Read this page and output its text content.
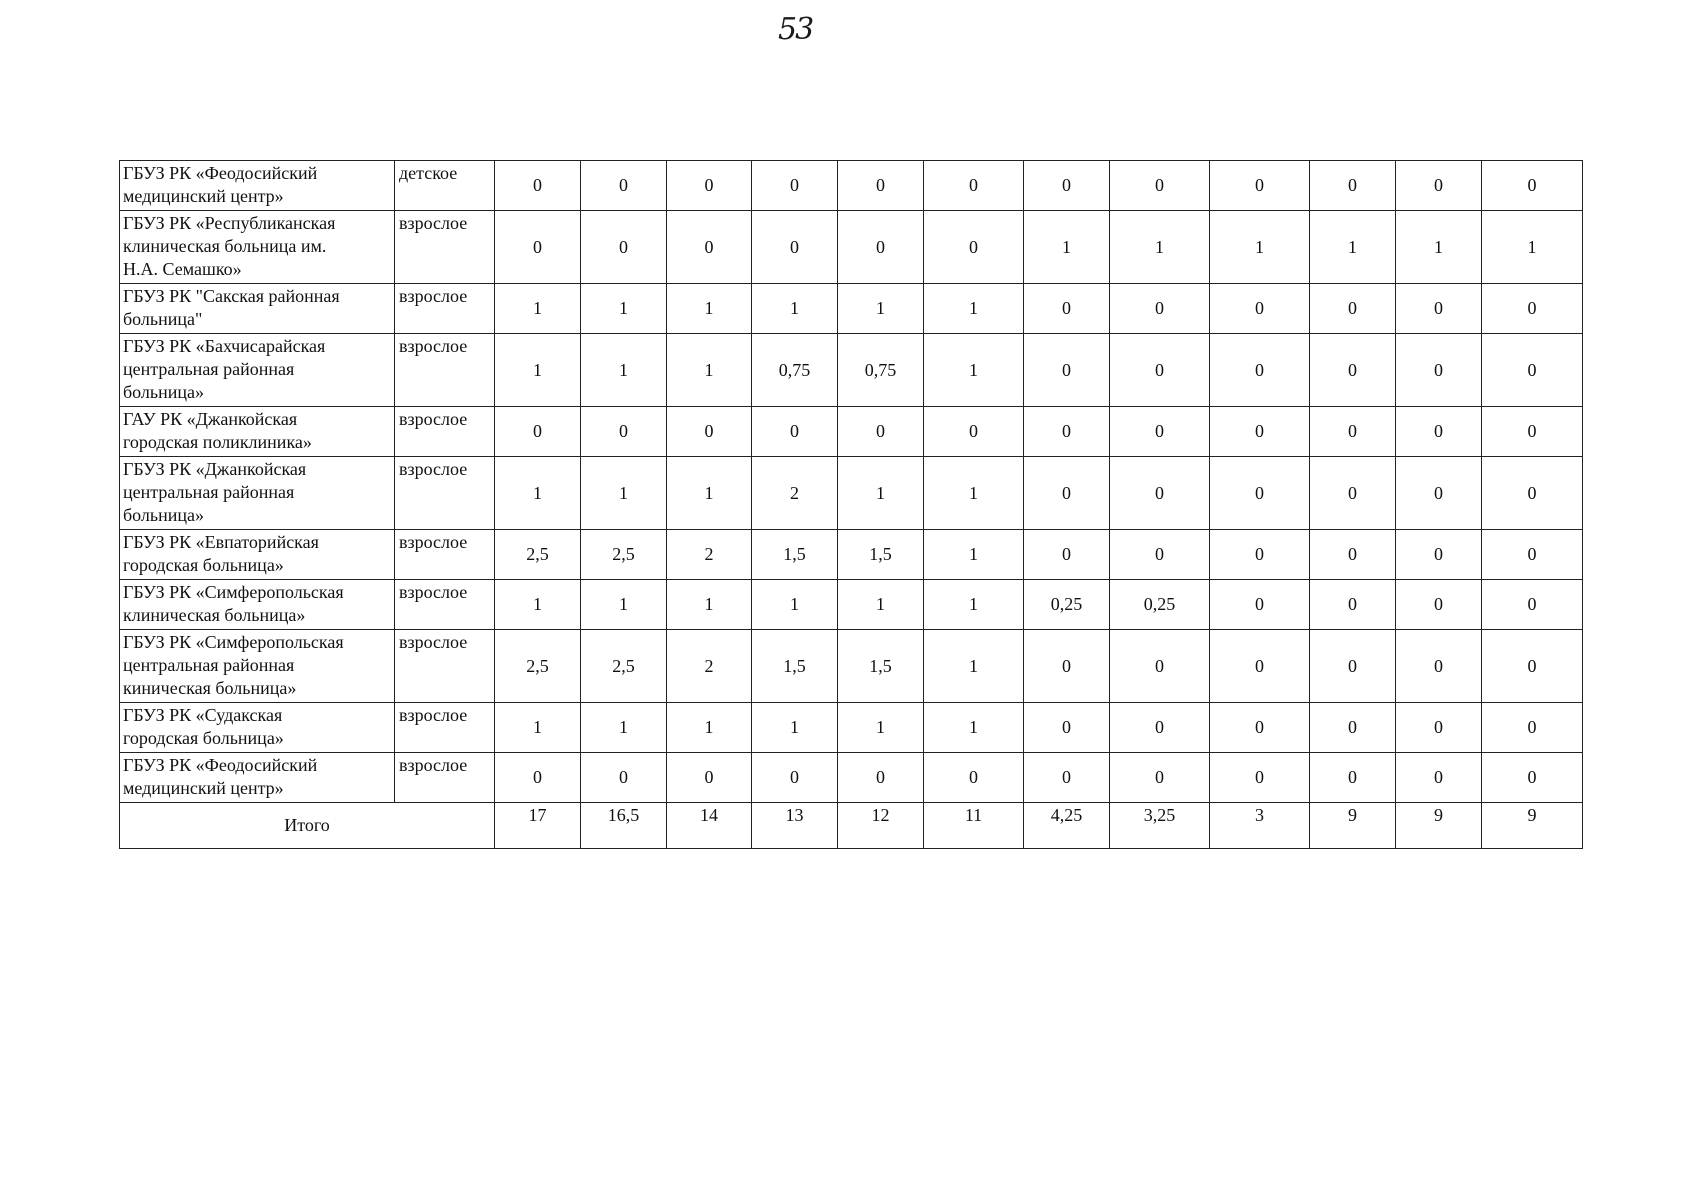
53
ГБУЗ РК «Феодосийский
медицинский центр»	детское	0	0	0	0	0	0	0	0	0	0	0	0

ГБУЗ РК «Республиканская
клиническая больница им.
Н.А. Семашко»	взрослое	0	0	0	0	0	0	1	1	1	1	1	1

ГБУЗ РК "Сакская районная
больница"	взрослое	1	1	1	1	1	1	0	0	0	0	0	0

ГБУЗ РК «Бахчисарайская
центральная районная
больница»	взрослое	1	1	1	0,75	0,75	1	0	0	0	0	0	0

ГАУ РК «Джанкойская
городская поликлиника»	взрослое	0	0	0	0	0	0	0	0	0	0	0	0

ГБУЗ РК «Джанкойская
центральная районная
больница»	взрослое	1	1	1	2	1	1	0	0	0	0	0	0

ГБУЗ РК «Евпаторийская
городская больница»	взрослое	2,5	2,5	2	1,5	1,5	1	0	0	0	0	0	0

ГБУЗ РК «Симферопольская
клиническая больница»	взрослое	1	1	1	1	1	1	0,25	0,25	0	0	0	0

ГБУЗ РК «Симферопольская
центральная районная
киническая больница»	взрослое	2,5	2,5	2	1,5	1,5	1	0	0	0	0	0	0

ГБУЗ РК «Судакская
городская больница»	взрослое	1	1	1	1	1	1	0	0	0	0	0	0

ГБУЗ РК «Феодосийский
медицинский центр»	взрослое	0	0	0	0	0	0	0	0	0	0	0	0
Итого		17	16,5	14	13	12	11	4,25	3,25	3	9	9	9
